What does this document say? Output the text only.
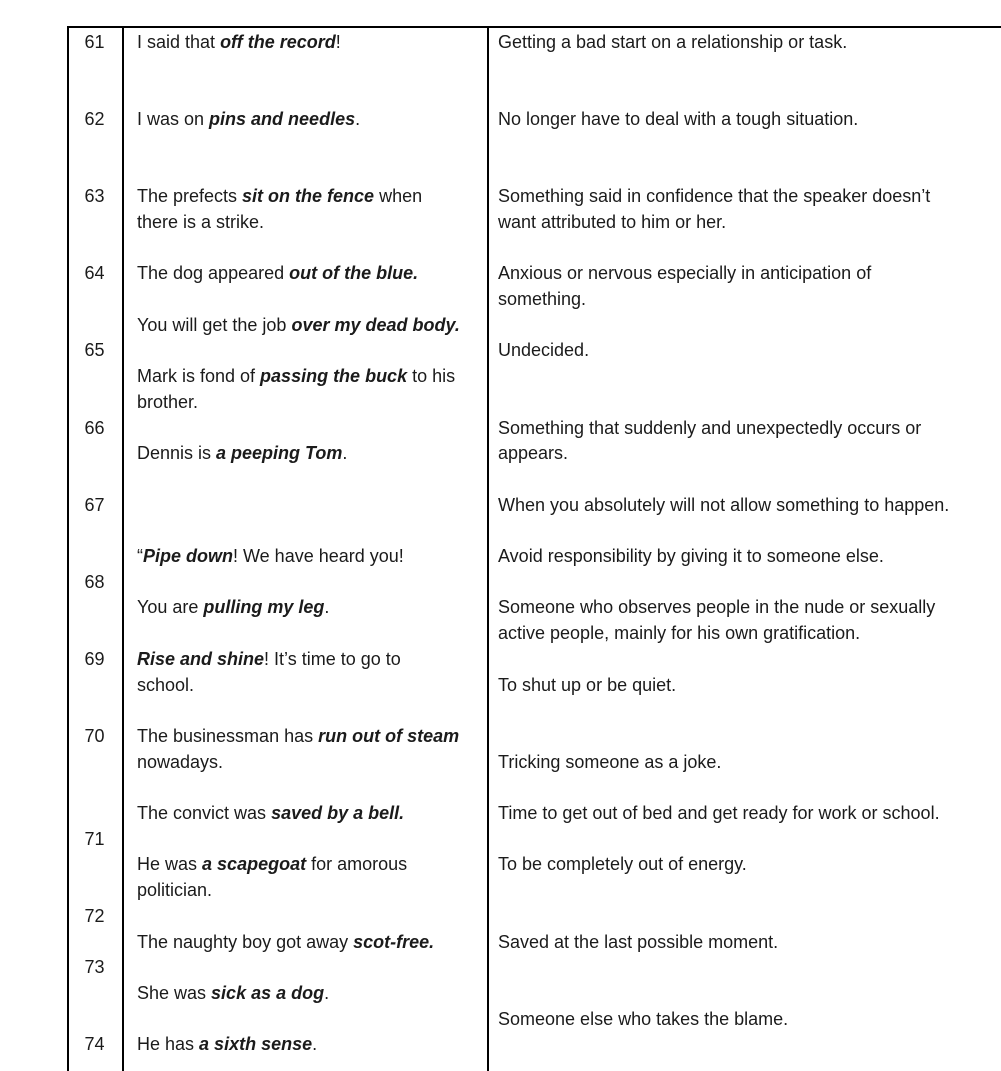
61
62
63
64
65
66
67
68
69
70
71
72
73
74
I said that off the record!
I was on pins and needles.
The prefects sit on the fence when
there is a strike.
The dog appeared out of the blue.
You will get the job over my dead body.
Mark is fond of passing the buck to his
brother.
Dennis is a peeping Tom.
“Pipe down! We have heard you!
You are pulling my leg.
Rise and shine! It’s time to go to
school.
The businessman has run out of steam
nowadays.
The convict was saved by a bell.
He was a scapegoat for amorous
politician.
The naughty boy got away scot-free.
She was sick as a dog.
He has a sixth sense.
Getting a bad start on a relationship or task.
No longer have to deal with a tough situation.
Something said in confidence that the speaker doesn’t
want attributed to him or her.
Anxious or nervous especially in anticipation of
something.
Undecided.
Something that suddenly and unexpectedly occurs or
appears.
When you absolutely will not allow something to happen.
Avoid responsibility by giving it to someone else.
Someone who observes people in the nude or sexually
active people, mainly for his own gratification.
To shut up or be quiet.
Tricking someone as a joke.
Time to get out of bed and get ready for work or school.
To be completely out of energy.
Saved at the last possible moment.
Someone else who takes the blame.
